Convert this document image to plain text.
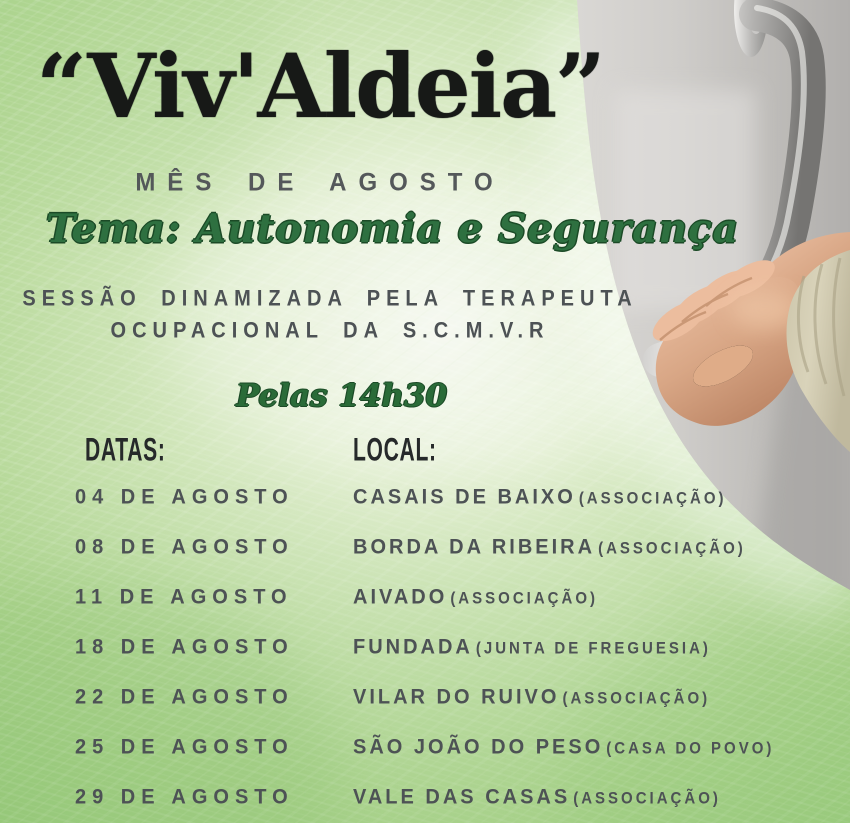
“Viv'Aldeia”
MÊS DE AGOSTO
Tema: Autonomia e Segurança
SESSÃO DINAMIZADA PELA TERAPEUTA
OCUPACIONAL DA S.C.M.V.R
Pelas 14h30
DATAS:	LOCAL:
04 DE AGOSTO	CASAIS DE BAIXO (ASSOCIAÇÃO)
08 DE AGOSTO	BORDA DA RIBEIRA (ASSOCIAÇÃO)
11 DE AGOSTO	AIVADO (ASSOCIAÇÃO)
18 DE AGOSTO	FUNDADA (JUNTA DE FREGUESIA)
22 DE AGOSTO	VILAR DO RUIVO (ASSOCIAÇÃO)
25 DE AGOSTO	SÃO JOÃO DO PESO (CASA DO POVO)
29 DE AGOSTO	VALE DAS CASAS (ASSOCIAÇÃO)
